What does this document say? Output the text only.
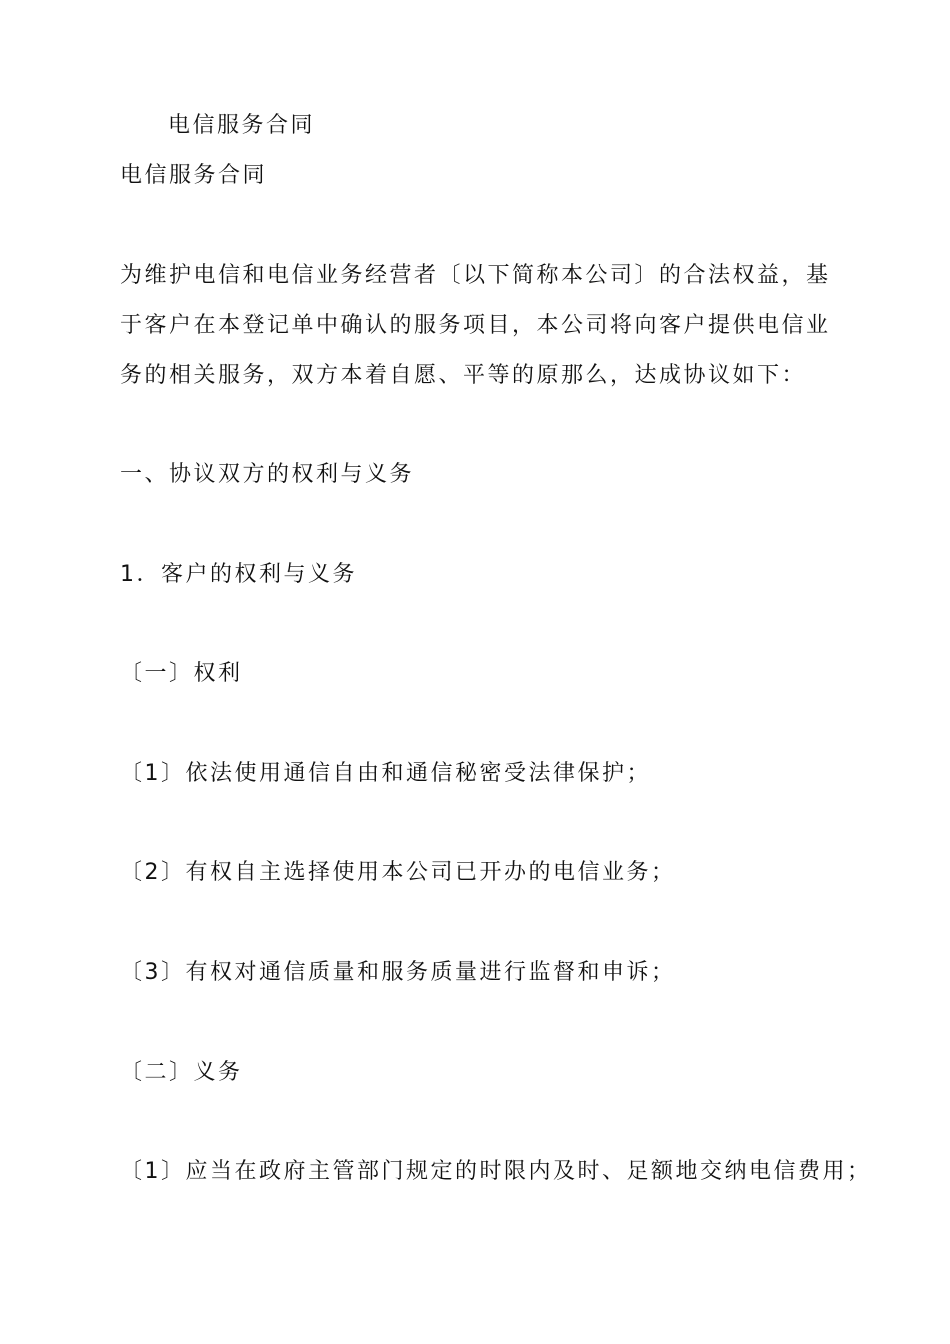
电信服务合同
电信服务合同
为维护电信和电信业务经营者〔以下简称本公司〕的合法权益，基
于客户在本登记单中确认的服务项目，本公司将向客户提供电信业
务的相关服务，双方本着自愿、平等的原那么，达成协议如下：
一、协议双方的权利与义务
1．客户的权利与义务
〔一〕权利
〔1〕依法使用通信自由和通信秘密受法律保护；
〔2〕有权自主选择使用本公司已开办的电信业务；
〔3〕有权对通信质量和服务质量进行监督和申诉；
〔二〕义务
〔1〕应当在政府主管部门规定的时限内及时、足额地交纳电信费用；
